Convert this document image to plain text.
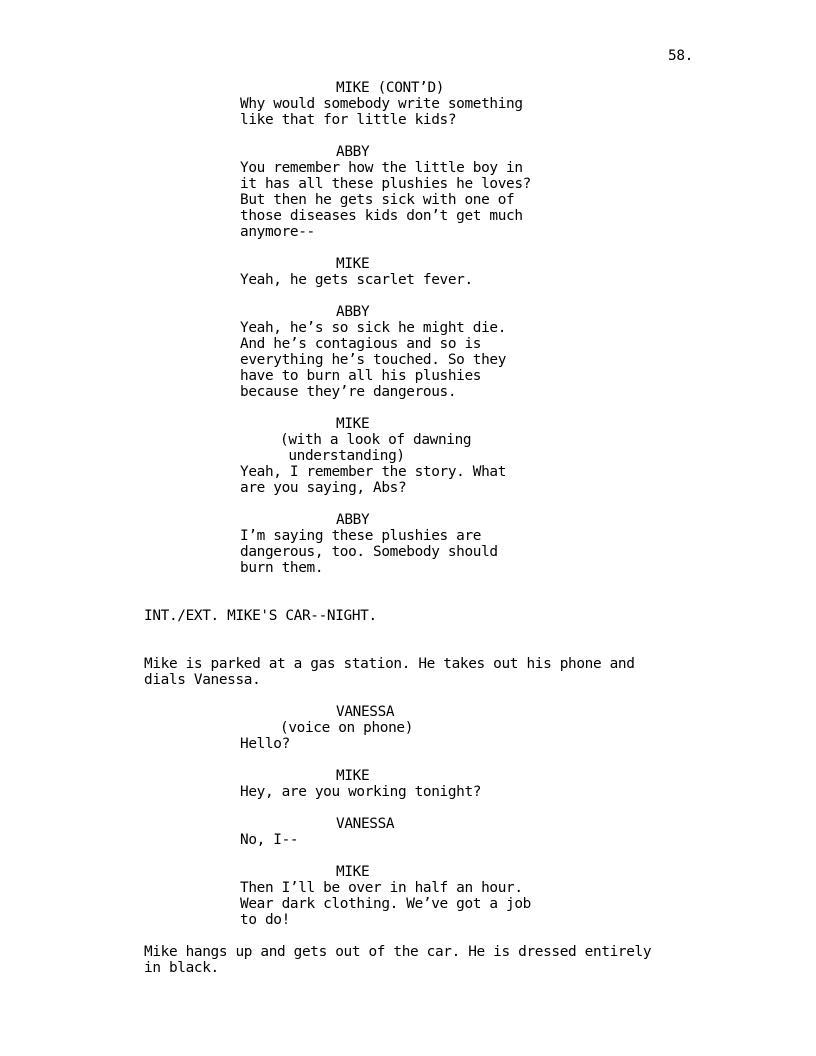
58.
MIKE (CONT’D)
Why would somebody write something
like that for little kids?
ABBY
You remember how the little boy in
it has all these plushies he loves?
But then he gets sick with one of
those diseases kids don’t get much
anymore--
MIKE
Yeah, he gets scarlet fever.
ABBY
Yeah, he’s so sick he might die.
And he’s contagious and so is
everything he’s touched. So they
have to burn all his plushies
because they’re dangerous.
MIKE
(with a look of dawning
understanding)
Yeah, I remember the story. What
are you saying, Abs?
ABBY
I’m saying these plushies are
dangerous, too. Somebody should
burn them.
INT./EXT. MIKE'S CAR--NIGHT.
Mike is parked at a gas station. He takes out his phone and
dials Vanessa.
VANESSA
(voice on phone)
Hello?
MIKE
Hey, are you working tonight?
VANESSA
No, I--
MIKE
Then I’ll be over in half an hour.
Wear dark clothing. We’ve got a job
to do!
Mike hangs up and gets out of the car. He is dressed entirely
in black.
